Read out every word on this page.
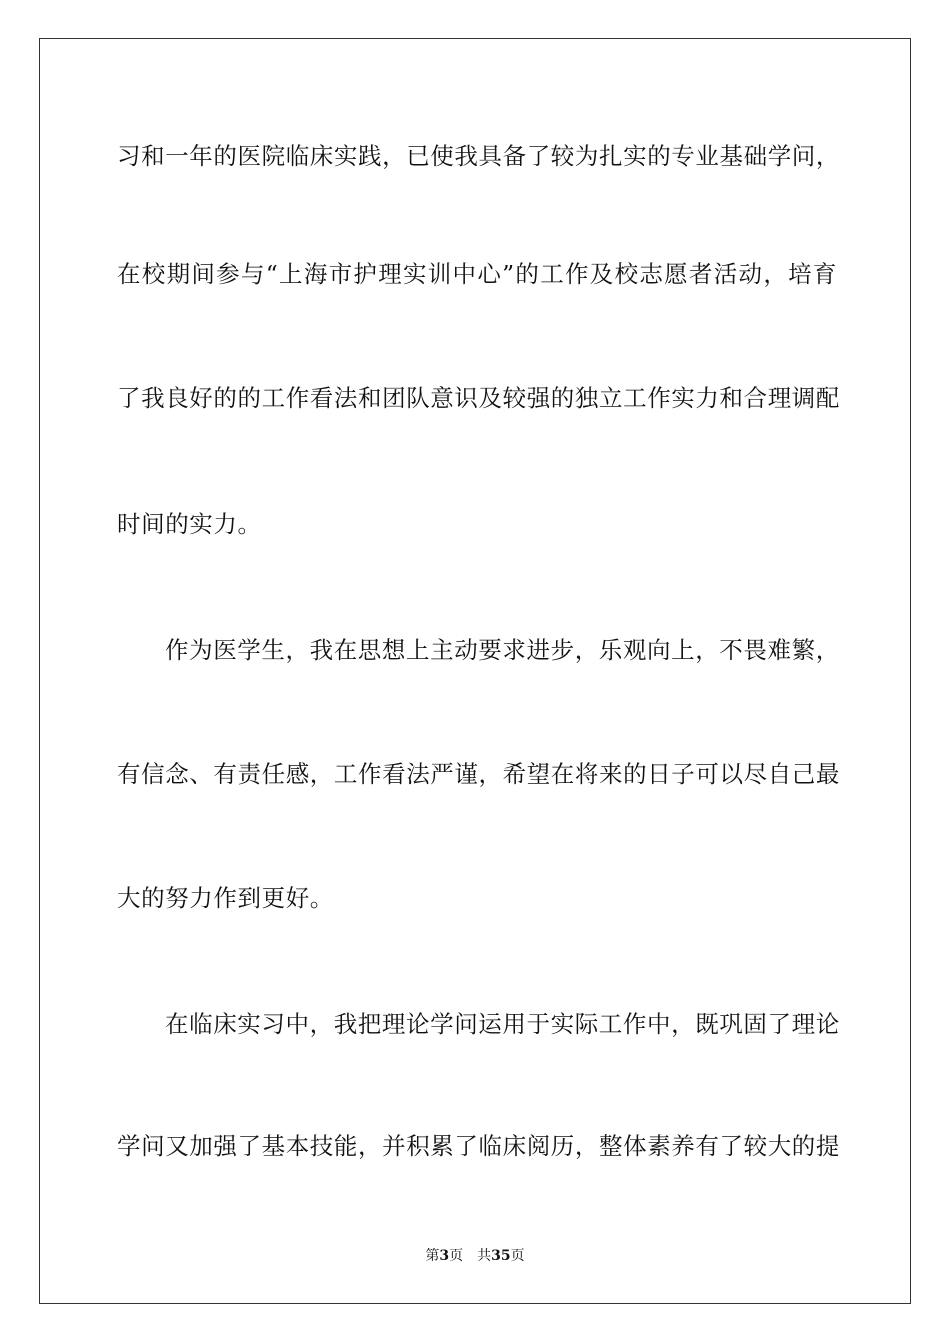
习和一年的医院临床实践，已使我具备了较为扎实的专业基础学问，
在校期间参与“上海市护理实训中心”的工作及校志愿者活动，培育
了我良好的的工作看法和团队意识及较强的独立工作实力和合理调配
时间的实力。
作为医学生，我在思想上主动要求进步，乐观向上，不畏难繁，
有信念、有责任感，工作看法严谨，希望在将来的日子可以尽自己最
大的努力作到更好。
在临床实习中，我把理论学问运用于实际工作中，既巩固了理论
学问又加强了基本技能，并积累了临床阅历，整体素养有了较大的提
第3页 共35页
